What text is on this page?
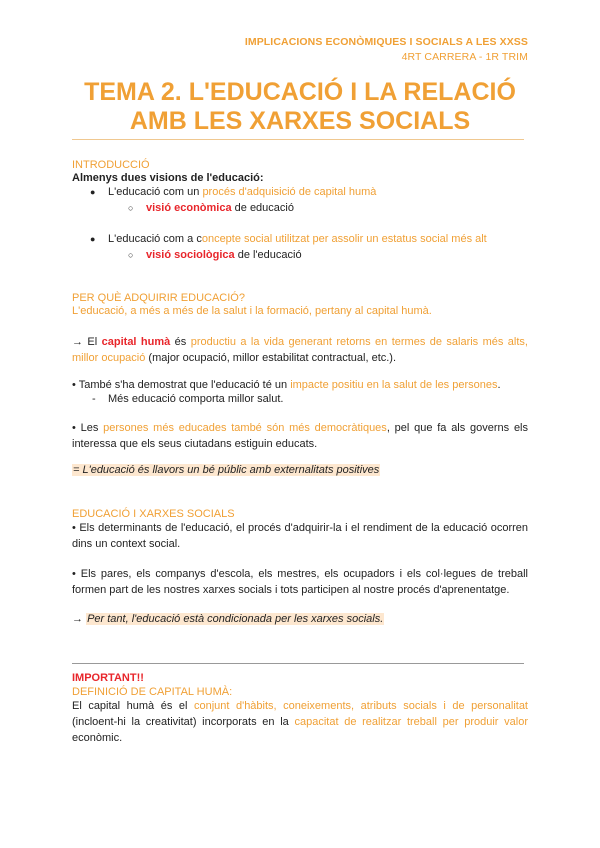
IMPLICACIONS ECONÒMIQUES I SOCIALS A LES XXSS
4RT CARRERA - 1R TRIM
TEMA 2. L'EDUCACIÓ I LA RELACIÓ
AMB LES XARXES SOCIALS
INTRODUCCIÓ
Almenys dues visions de l'educació:
● L'educació com un procés d'adquisició de capital humà
○ visió econòmica de educació
● L'educació com a concepte social utilitzat per assolir un estatus social més alt
○ visió sociològica de l'educació
PER QUÈ ADQUIRIR EDUCACIÓ?
L'educació, a més a més de la salut i la formació, pertany al capital humà.
→ El capital humà és productiu a la vida generant retorns en termes de salaris més alts, millor ocupació (major ocupació, millor estabilitat contractual, etc.).
• També s'ha demostrat que l'educació té un impacte positiu en la salut de les persones.
- Més educació comporta millor salut.
• Les persones més educades també són més democràtiques, pel que fa als governs els interessa que els seus ciutadans estiguin educats.
= L'educació és llavors un bé públic amb externalitats positives
EDUCACIÓ I XARXES SOCIALS
• Els determinants de l'educació, el procés d'adquirir-la i el rendiment de la educació ocorren dins un context social.
• Els pares, els companys d'escola, els mestres, els ocupadors i els col·legues de treball formen part de les nostres xarxes socials i tots participen al nostre procés d'aprenentatge.
→ Per tant, l'educació està condicionada per les xarxes socials.
IMPORTANT!!
DEFINICIÓ DE CAPITAL HUMÀ:
El capital humà és el conjunt d'hàbits, coneixements, atributs socials i de personalitat (incloent-hi la creativitat) incorporats en la capacitat de realitzar treball per produir valor econòmic.
